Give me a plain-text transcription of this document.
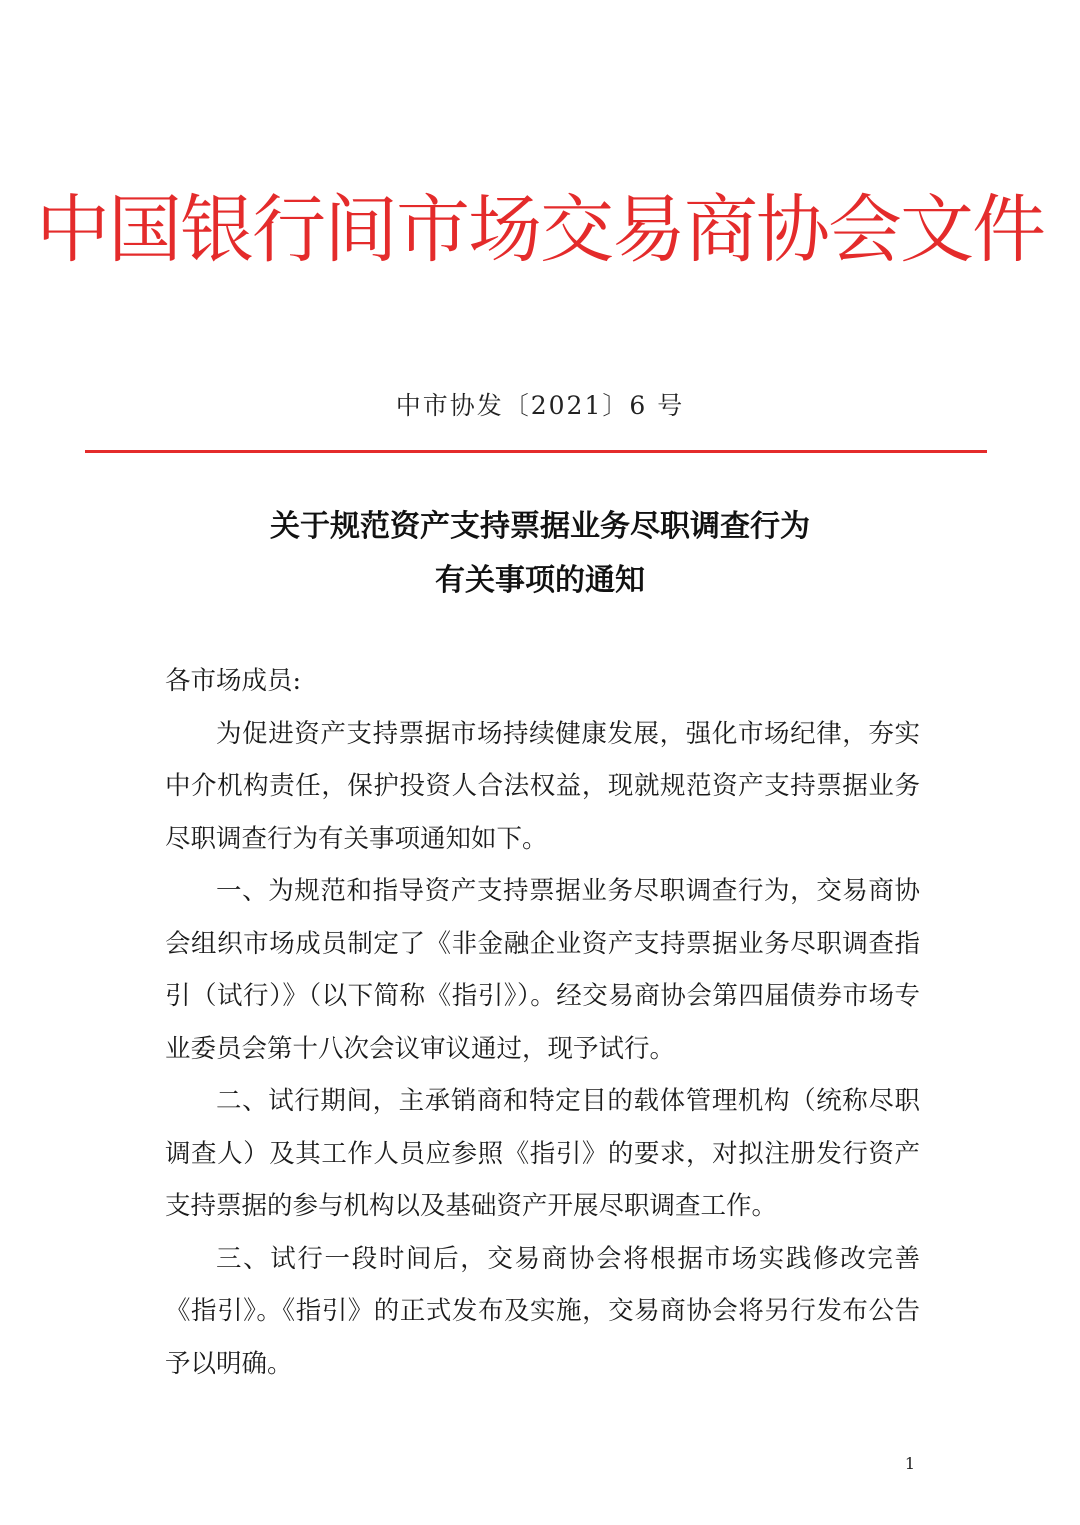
中国银行间市场交易商协会文件
中市协发〔2021〕6 号
关于规范资产支持票据业务尽职调查行为
有关事项的通知

各市场成员:

为促进资产支持票据市场持续健康发展，强化市场纪律，夯实中介机构责任，保护投资人合法权益，现就规范资产支持票据业务尽职调查行为有关事项通知如下。

一、为规范和指导资产支持票据业务尽职调查行为，交易商协会组织市场成员制定了《非金融企业资产支持票据业务尽职调查指引（试行）》（以下简称《指引》）。经交易商协会第四届债券市场专业委员会第十八次会议审议通过，现予试行。

二、试行期间，主承销商和特定目的载体管理机构（统称尽职调查人）及其工作人员应参照《指引》的要求，对拟注册发行资产支持票据的参与机构以及基础资产开展尽职调查工作。

三、试行一段时间后，交易商协会将根据市场实践修改完善《指引》。《指引》的正式发布及实施，交易商协会将另行发布公告予以明确。

1
